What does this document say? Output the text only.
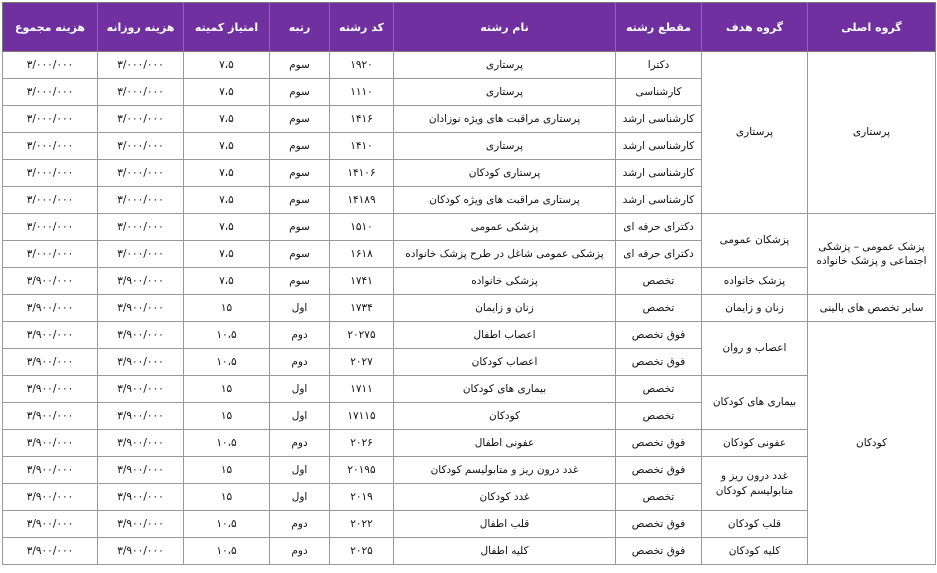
گروه اصلی	گروه هدف	مقطع رشته	نام رشته	کد رشته	رتبه	امتیاز کمیته	هزینه روزانه	هزینه مجموع
پرستاری	پرستاری	دکترا	پرستاری	۱۹۲۰	سوم	۷،۵	۳/۰۰۰/۰۰۰	۳/۰۰۰/۰۰۰
		کارشناسی	پرستاری	۱۱۱۰	سوم	۷،۵	۳/۰۰۰/۰۰۰	۳/۰۰۰/۰۰۰
		کارشناسی ارشد	پرستاری مراقبت های ویژه نوزادان	۱۴۱۶	سوم	۷،۵	۳/۰۰۰/۰۰۰	۳/۰۰۰/۰۰۰
		کارشناسی ارشد	پرستاری	۱۴۱۰	سوم	۷،۵	۳/۰۰۰/۰۰۰	۳/۰۰۰/۰۰۰
		کارشناسی ارشد	پرستاری کودکان	۱۴۱۰۶	سوم	۷،۵	۳/۰۰۰/۰۰۰	۳/۰۰۰/۰۰۰
		کارشناسی ارشد	پرستاری مراقبت های ویژه کودکان	۱۴۱۸۹	سوم	۷،۵	۳/۰۰۰/۰۰۰	۳/۰۰۰/۰۰۰
پزشک عمومی – پزشکی اجتماعی و پزشک خانواده	پزشکان عمومی	دکترای حرفه ای	پزشکی عمومی	۱۵۱۰	سوم	۷،۵	۳/۰۰۰/۰۰۰	۳/۰۰۰/۰۰۰
		دکترای حرفه ای	پزشکی عمومی شاغل در طرح پزشک خانواده	۱۶۱۸	سوم	۷،۵	۳/۰۰۰/۰۰۰	۳/۰۰۰/۰۰۰
	پزشک خانواده	تخصص	پزشکی خانواده	۱۷۴۱	سوم	۷،۵	۳/۹۰۰/۰۰۰	۳/۹۰۰/۰۰۰
سایر تخصص های بالینی	زنان و زایمان	تخصص	زنان و زایمان	۱۷۳۴	اول	۱۵	۳/۹۰۰/۰۰۰	۳/۹۰۰/۰۰۰
کودکان	اعصاب و روان	فوق تخصص	اعصاب اطفال	۲۰۲۷۵	دوم	۱۰،۵	۳/۹۰۰/۰۰۰	۳/۹۰۰/۰۰۰
		فوق تخصص	اعصاب کودکان	۲۰۲۷	دوم	۱۰،۵	۳/۹۰۰/۰۰۰	۳/۹۰۰/۰۰۰
	بیماری های کودکان	تخصص	بیماری های کودکان	۱۷۱۱	اول	۱۵	۳/۹۰۰/۰۰۰	۳/۹۰۰/۰۰۰
		تخصص	کودکان	۱۷۱۱۵	اول	۱۵	۳/۹۰۰/۰۰۰	۳/۹۰۰/۰۰۰
	عفونی کودکان	فوق تخصص	عفونی اطفال	۲۰۲۶	دوم	۱۰،۵	۳/۹۰۰/۰۰۰	۳/۹۰۰/۰۰۰
	غدد درون ریز و متابولیسم کودکان	فوق تخصص	غدد درون ریز و متابولیسم کودکان	۲۰۱۹۵	اول	۱۵	۳/۹۰۰/۰۰۰	۳/۹۰۰/۰۰۰
		تخصص	غدد کودکان	۲۰۱۹	اول	۱۵	۳/۹۰۰/۰۰۰	۳/۹۰۰/۰۰۰
	قلب کودکان	فوق تخصص	قلب اطفال	۲۰۲۲	دوم	۱۰،۵	۳/۹۰۰/۰۰۰	۳/۹۰۰/۰۰۰
	کلیه کودکان	فوق تخصص	کلیه اطفال	۲۰۲۵	دوم	۱۰،۵	۳/۹۰۰/۰۰۰	۳/۹۰۰/۰۰۰
